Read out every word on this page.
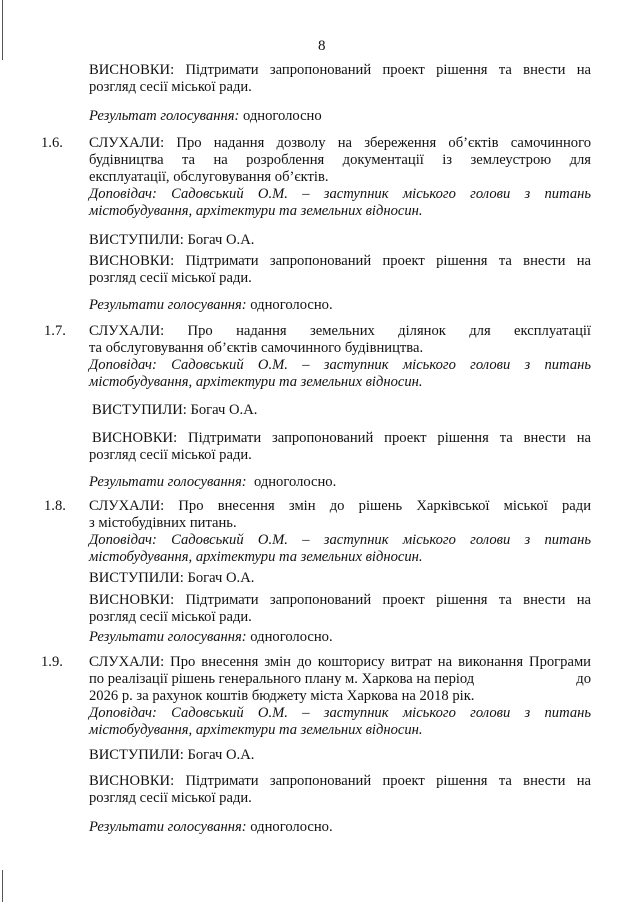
8
ВИСНОВКИ: Підтримати запропонований проект рішення та внести на
розгляд сесії міської ради.
Результат голосування: одноголосно
1.6. СЛУХАЛИ: Про надання дозволу на збереження об’єктів самочинного
будівництва та на розроблення документації із землеустрою для
експлуатації, обслуговування об’єктів.
Доповідач: Садовський О.М. – заступник міського голови з питань
містобудування, архітектури та земельних відносин.
ВИСТУПИЛИ: Богач О.А.
ВИСНОВКИ: Підтримати запропонований проект рішення та внести на
розгляд сесії міської ради.
Результати голосування: одноголосно.
1.7. СЛУХАЛИ: Про надання земельних ділянок для експлуатації
та обслуговування об’єктів самочинного будівництва.
Доповідач: Садовський О.М. – заступник міського голови з питань
містобудування, архітектури та земельних відносин.
ВИСТУПИЛИ: Богач О.А.
ВИСНОВКИ: Підтримати запропонований проект рішення та внести на
розгляд сесії міської ради.
Результати голосування:  одноголосно.
1.8. СЛУХАЛИ: Про внесення змін до рішень Харківської міської ради
з містобудівних питань.
Доповідач: Садовський О.М. – заступник міського голови з питань
містобудування, архітектури та земельних відносин.
ВИСТУПИЛИ: Богач О.А.
ВИСНОВКИ: Підтримати запропонований проект рішення та внести на
розгляд сесії міської ради.
Результати голосування: одноголосно.
1.9. СЛУХАЛИ: Про внесення змін до кошторису витрат на виконання Програми
по реалізації рішень генерального плану м. Харкова на період	до
2026 р. за рахунок коштів бюджету міста Харкова на 2018 рік.
Доповідач: Садовський О.М. – заступник міського голови з питань
містобудування, архітектури та земельних відносин.
ВИСТУПИЛИ: Богач О.А.
ВИСНОВКИ: Підтримати запропонований проект рішення та внести на
розгляд сесії міської ради.
Результати голосування: одноголосно.
